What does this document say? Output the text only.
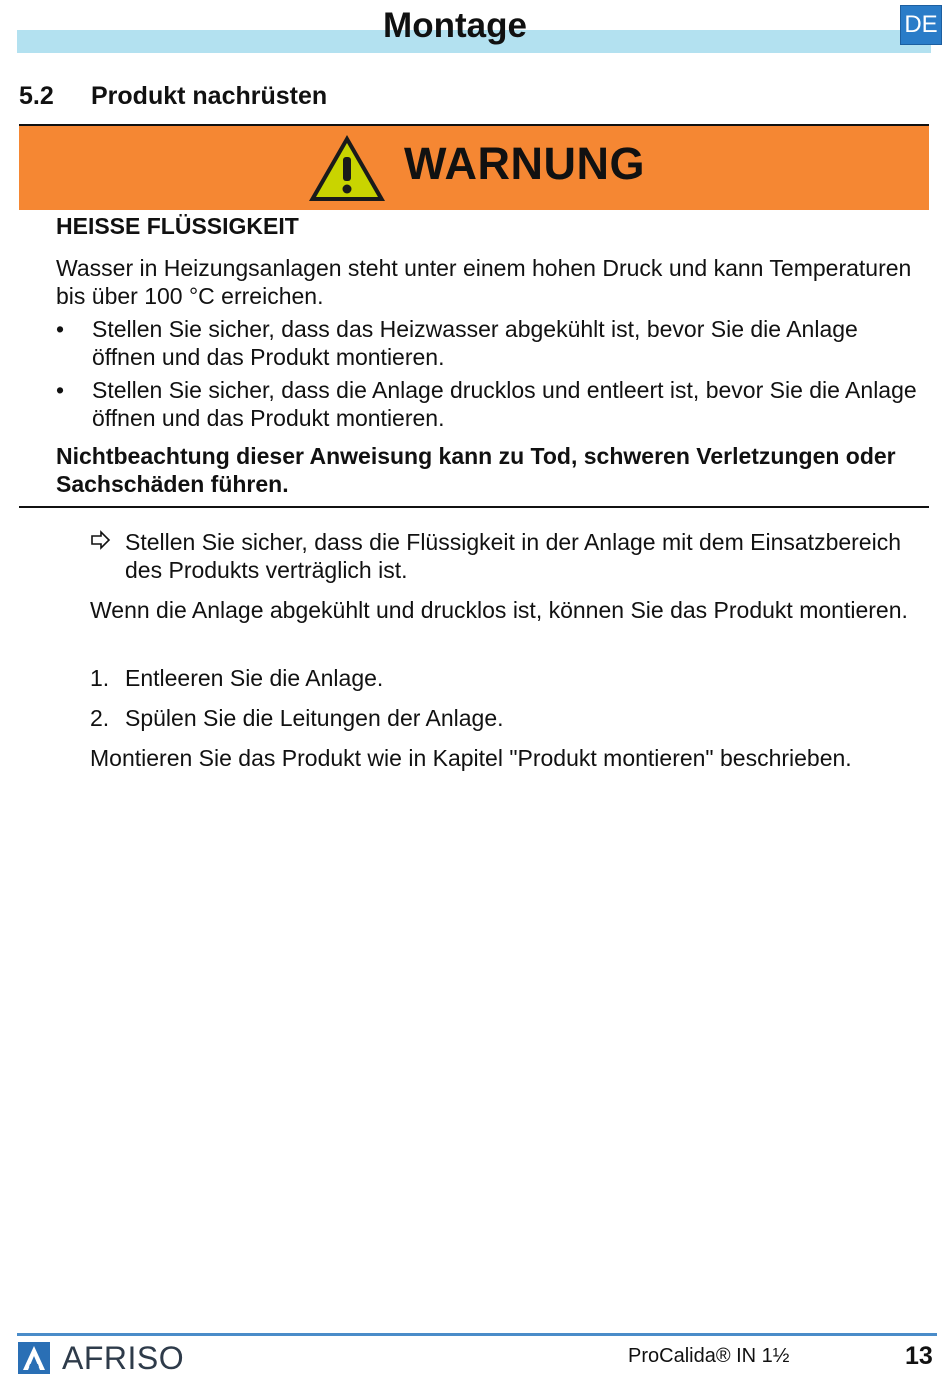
Montage	DE
5.2 Produkt nachrüsten
WARNUNG
HEISSE FLÜSSIGKEIT
Wasser in Heizungsanlagen steht unter einem hohen Druck und kann Temperaturen bis über 100 °C erreichen.
• Stellen Sie sicher, dass das Heizwasser abgekühlt ist, bevor Sie die Anlage öffnen und das Produkt montieren.
• Stellen Sie sicher, dass die Anlage drucklos und entleert ist, bevor Sie die Anlage öffnen und das Produkt montieren.
Nichtbeachtung dieser Anweisung kann zu Tod, schweren Verletzungen oder Sachschäden führen.
Stellen Sie sicher, dass die Flüssigkeit in der Anlage mit dem Einsatzbereich des Produkts verträglich ist.
Wenn die Anlage abgekühlt und drucklos ist, können Sie das Produkt montieren.
1. Entleeren Sie die Anlage.
2. Spülen Sie die Leitungen der Anlage.
Montieren Sie das Produkt wie in Kapitel "Produkt montieren" beschrieben.
AFRISO	ProCalida® IN 1½	13
